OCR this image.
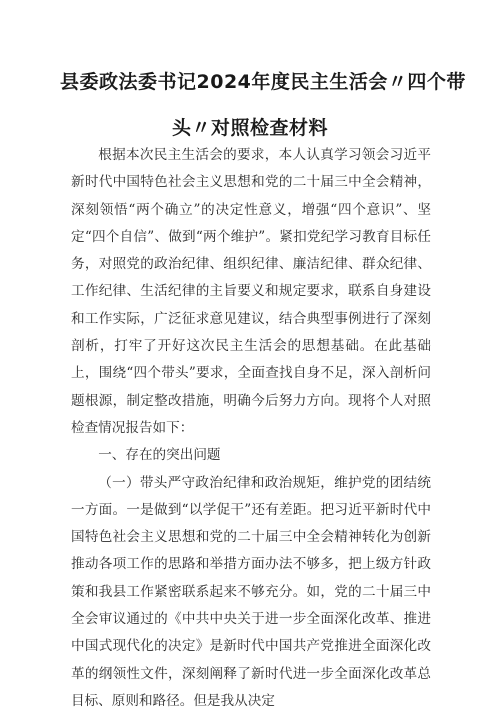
县委政法委书记2024年度民主生活会〃四个带
头〃对照检查材料

根据本次民主生活会的要求，本人认真学习领会习近平新时代中国特色社会主义思想和党的二十届三中全会精神，深刻领悟“两个确立”的决定性意义，增强“四个意识”、坚定“四个自信”、做到“两个维护”。紧扣党纪学习教育目标任务，对照党的政治纪律、组织纪律、廉洁纪律、群众纪律、工作纪律、生活纪律的主旨要义和规定要求，联系自身建设和工作实际，广泛征求意见建议，结合典型事例进行了深刻剖析，打牢了开好这次民主生活会的思想基础。在此基础上，围绕“四个带头”要求，全面查找自身不足，深入剖析问题根源，制定整改措施，明确今后努力方向。现将个人对照检查情况报告如下：

一、存在的突出问题

（一）带头严守政治纪律和政治规矩，维护党的团结统一方面。一是做到“以学促干”还有差距。把习近平新时代中国特色社会主义思想和党的二十届三中全会精神转化为创新推动各项工作的思路和举措方面办法不够多，把上级方针政策和我县工作紧密联系起来不够充分。如，党的二十届三中全会审议通过的《中共中央关于进一步全面深化改革、推进中国式现代化的决定》是新时代中国共产党推进全面深化改革的纲领性文件，深刻阐释了新时代进一步全面深化改革总目标、原则和路径。但是我从决定
